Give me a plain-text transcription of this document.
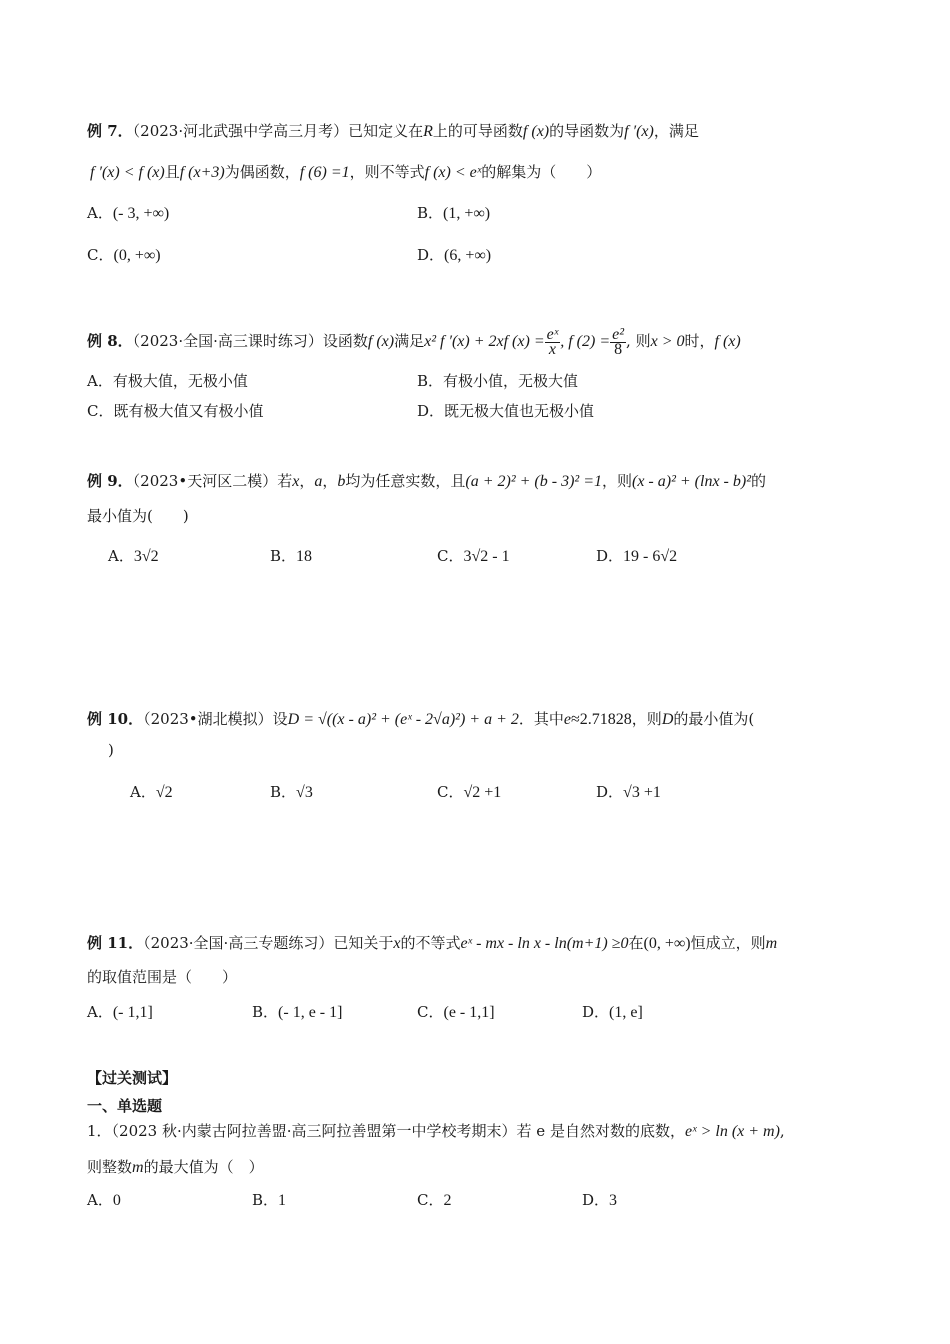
例 7．（2023·河北武强中学高三月考）已知定义在R上的可导函数f (x)的导函数为f ′(x)，满足
f ′(x) < f (x)且f (x+3)为偶函数，f (6) =1，则不等式f (x) < eˣ的解集为（　　）
A．(- 3, +∞)	B．(1, +∞)
C．(0, +∞)	D．(6, +∞)
例 8．（2023·全国·高三课时练习）设函数f (x)满足x² f ′(x) + 2xf $(x) = \frac{\text{eˣ}}{x}$ , f $(2) = \frac{\text{e²}}{8}$ , 则x > 0时，f (x)
A．有极大值，无极小值	B．有极小值，无极大值
C．既有极大值又有极小值	D．既无极大值也无极小值
例 9．（2023•天河区二模）若x，a，b均为任意实数，且(a + 2)² + (b - 3)² =1，则(x - a)² + (lnx - b)²的
最小值为(　　)
A．3√2	B．18	C．3√2 - 1	D．19 - 6√2
例 10．（2023•湖北模拟）设D = √((x - a)² + (eˣ - 2√a)²) + a + 2．其中e≈2.71828，则D的最小值为(
)
A．√2	B．√3	C．√2 +1	D．√3 +1
例 11．（2023·全国·高三专题练习）已知关于x的不等式eˣ - mx - ln x - ln(m+1) ≥0在(0, +∞)恒成立，则m
的取值范围是（　　）
A．(- 1,1]	B．(- 1, e - 1]	C．(e - 1,1]	D．(1, e]
【过关测试】
一、单选题
1．（2023 秋·内蒙古阿拉善盟·高三阿拉善盟第一中学校考期末）若 e 是自然对数的底数，eˣ > ln (x + m),
则整数m的最大值为（　）
A．0	B．1	C．2	D．3
